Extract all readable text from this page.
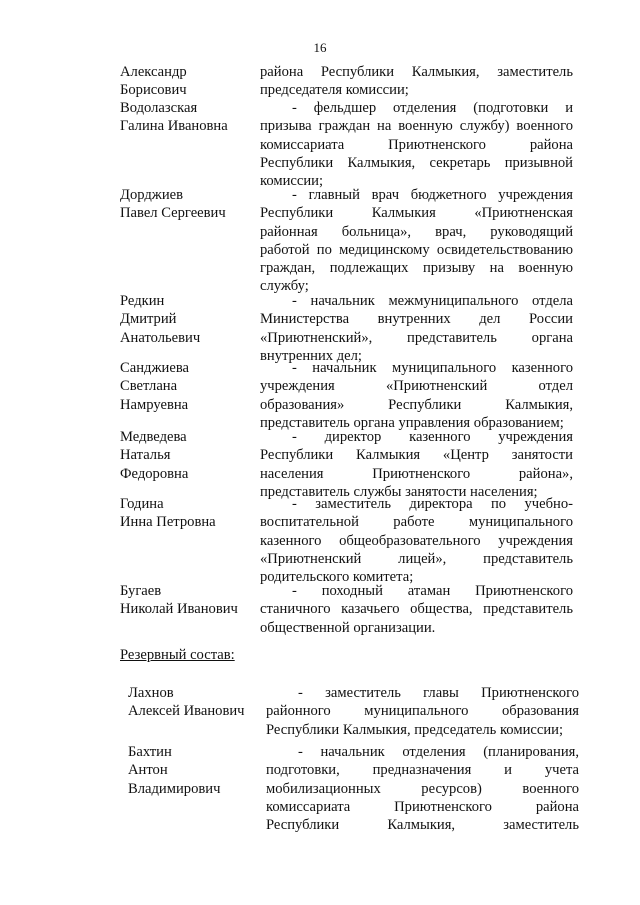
16
Александр
Борисович
района Республики Калмыкия, заместитель
председателя комиссии;
Водолазская
Галина Ивановна
- фельдшер отделения (подготовки и
призыва граждан на военную службу) военного
комиссариата Приютненского района
Республики Калмыкия, секретарь призывной
комиссии;
Дорджиев
Павел Сергеевич
- главный врач бюджетного учреждения
Республики Калмыкия «Приютненская
районная больница», врач, руководящий
работой по медицинскому освидетельствованию
граждан, подлежащих призыву на военную
службу;
Редкин
Дмитрий
Анатольевич
- начальник межмуниципального отдела
Министерства внутренних дел России
«Приютненский», представитель органа
внутренних дел;
Санджиева
Светлана
Намруевна
- начальник муниципального казенного
учреждения «Приютненский отдел
образования» Республики Калмыкия,
представитель органа управления образованием;
Медведева
Наталья
Федоровна
- директор казенного учреждения
Республики Калмыкия «Центр занятости
населения Приютненского района»,
представитель службы занятости населения;
Година
Инна Петровна
- заместитель директора по учебно-
воспитательной работе муниципального
казенного общеобразовательного учреждения
«Приютненский лицей», представитель
родительского комитета;
Бугаев
Николай Иванович
- походный атаман Приютненского
станичного казачьего общества, представитель
общественной организации.
Резервный состав:
Лахнов
Алексей Иванович
- заместитель главы Приютненского
районного муниципального образования
Республики Калмыкия, председатель комиссии;
Бахтин
Антон
Владимирович
- начальник отделения (планирования,
подготовки, предназначения и учета
мобилизационных ресурсов) военного
комиссариата Приютненского района
Республики Калмыкия, заместитель
